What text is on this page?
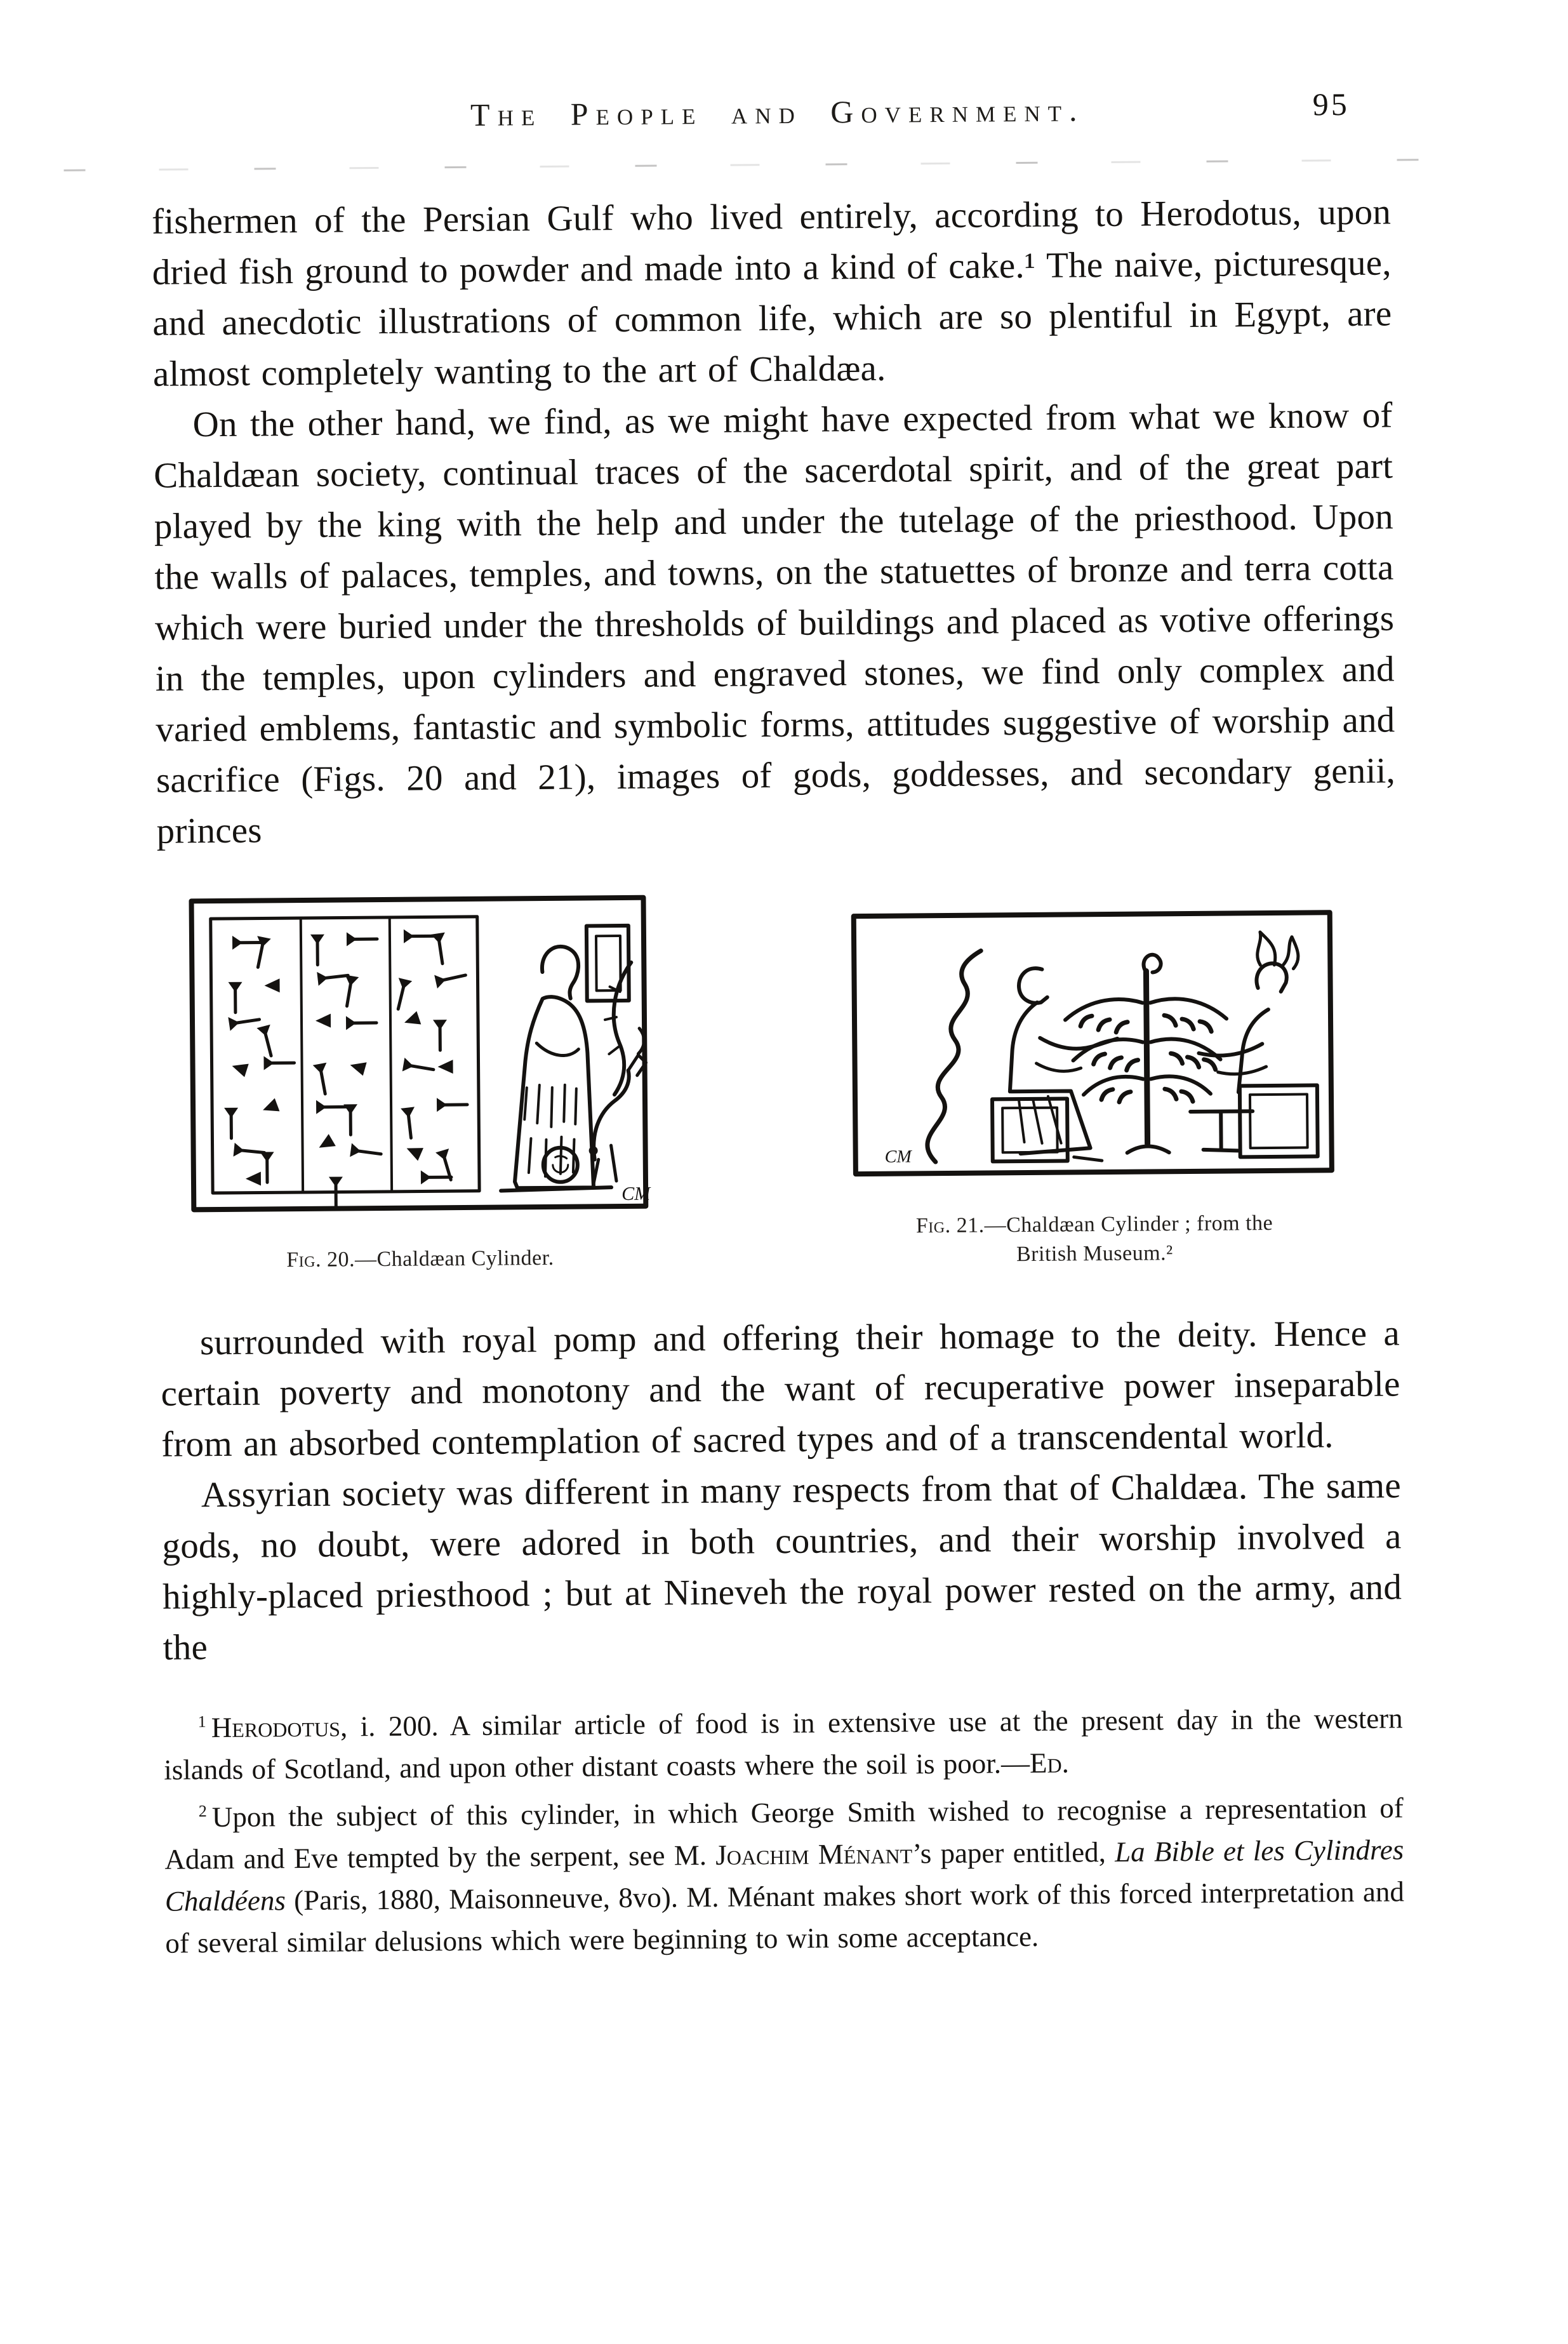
The People and Government.	95

fishermen of the Persian Gulf who lived entirely, according to Herodotus, upon dried fish ground to powder and made into a kind of cake.¹ The naive, picturesque, and anecdotic illustrations of common life, which are so plentiful in Egypt, are almost completely wanting to the art of Chaldæa.

On the other hand, we find, as we might have expected from what we know of Chaldæan society, continual traces of the sacerdotal spirit, and of the great part played by the king with the help and under the tutelage of the priesthood. Upon the walls of palaces, temples, and towns, on the statuettes of bronze and terra cotta which were buried under the thresholds of buildings and placed as votive offerings in the temples, upon cylinders and engraved stones, we find only complex and varied emblems, fantastic and symbolic forms, attitudes suggestive of worship and sacrifice (Figs. 20 and 21), images of gods, goddesses, and secondary genii, princes

CM
Fig. 20.—Chaldæan Cylinder.
CM
Fig. 21.—Chaldæan Cylinder ; from the
British Museum.²

surrounded with royal pomp and offering their homage to the deity. Hence a certain poverty and monotony and the want of recuperative power inseparable from an absorbed contemplation of sacred types and of a transcendental world.

Assyrian society was different in many respects from that of Chaldæa. The same gods, no doubt, were adored in both countries, and their worship involved a highly-placed priesthood ; but at Nineveh the royal power rested on the army, and the

$^1$ Herodotus, i. 200. A similar article of food is in extensive use at the present day in the western islands of Scotland, and upon other distant coasts where the soil is poor.—Ed.

$^2$ Upon the subject of this cylinder, in which George Smith wished to recognise a representation of Adam and Eve tempted by the serpent, see M. Joachim Ménant’s paper entitled, La Bible et les Cylindres Chaldéens (Paris, 1880, Maisonneuve, 8vo). M. Ménant makes short work of this forced interpretation and of several similar delusions which were beginning to win some acceptance.
